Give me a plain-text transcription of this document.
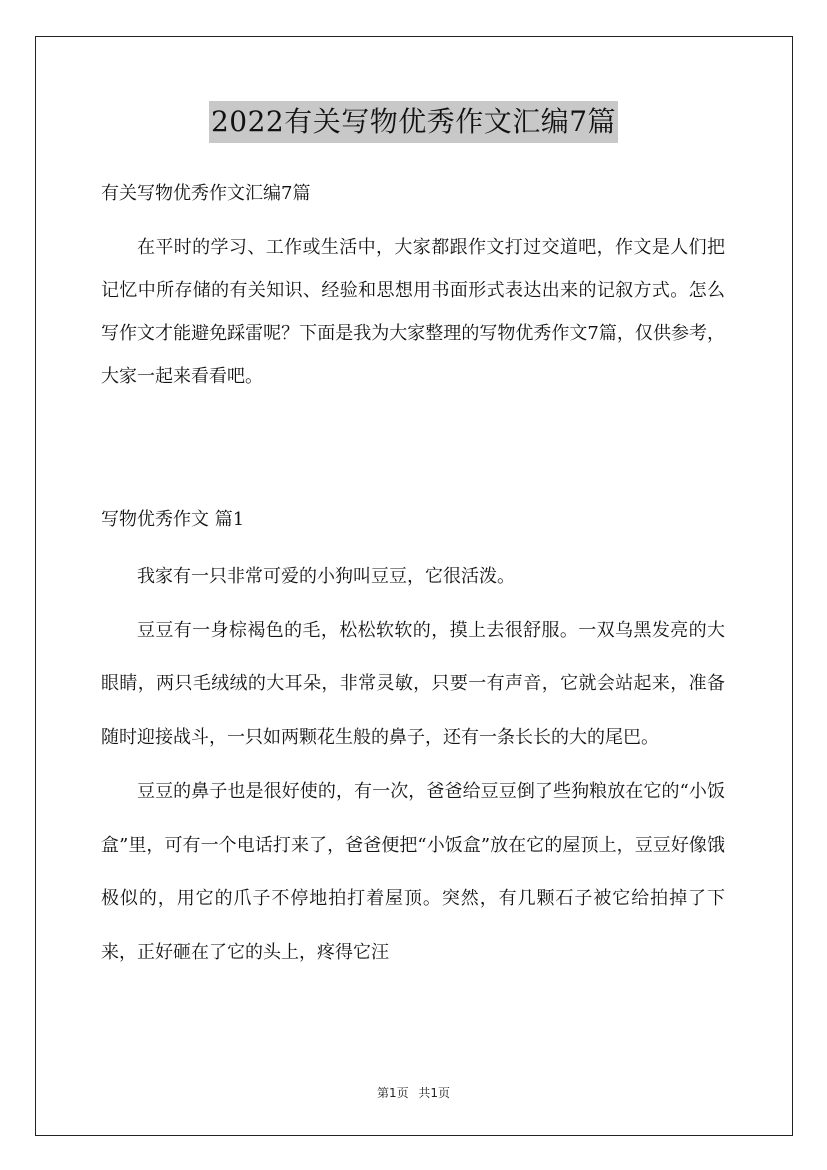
2022有关写物优秀作文汇编7篇
有关写物优秀作文汇编7篇
在平时的学习、工作或生活中，大家都跟作文打过交道吧，作文是人们把记忆中所存储的有关知识、经验和思想用书面形式表达出来的记叙方式。怎么写作文才能避免踩雷呢？下面是我为大家整理的写物优秀作文7篇，仅供参考，大家一起来看看吧。
写物优秀作文 篇1

我家有一只非常可爱的小狗叫豆豆，它很活泼。

豆豆有一身棕褐色的毛，松松软软的，摸上去很舒服。一双乌黑发亮的大眼睛，两只毛绒绒的大耳朵，非常灵敏，只要一有声音，它就会站起来，准备随时迎接战斗，一只如两颗花生般的鼻子，还有一条长长的大的尾巴。

豆豆的鼻子也是很好使的，有一次，爸爸给豆豆倒了些狗粮放在它的“小饭盒”里，可有一个电话打来了，爸爸便把“小饭盒”放在它的屋顶上，豆豆好像饿极似的，用它的爪子不停地拍打着屋顶。突然，有几颗石子被它给拍掉了下来，正好砸在了它的头上，疼得它汪

第1页 共1页
